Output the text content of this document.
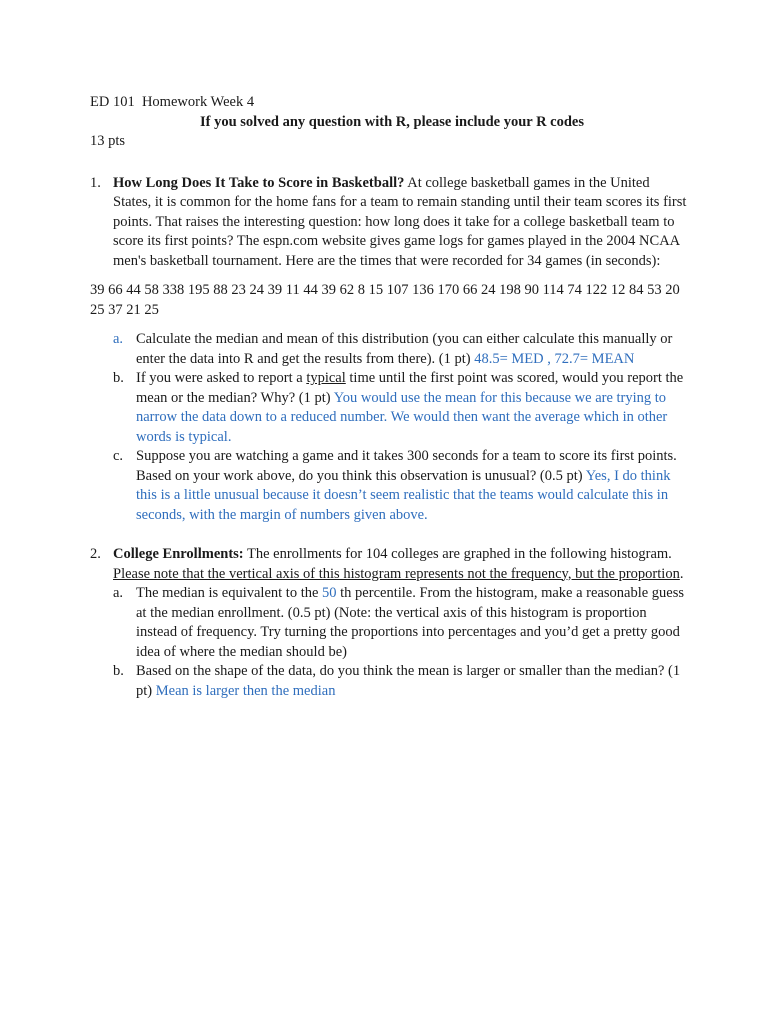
ED 101  Homework Week 4

If you solved any question with R, please include your R codes

13 pts

1. How Long Does It Take to Score in Basketball? At college basketball games in the United States, it is common for the home fans for a team to remain standing until their team scores its first points. That raises the interesting question: how long does it take for a college basketball team to score its first points? The espn.com website gives game logs for games played in the 2004 NCAA men's basketball tournament. Here are the times that were recorded for 34 games (in seconds):

39 66 44 58 338 195 88 23 24 39 11 44 39 62 8 15 107 136 170 66 24 198 90 114 74 122 12 84 53 20 25 37 21 25

a. Calculate the median and mean of this distribution (you can either calculate this manually or enter the data into R and get the results from there). (1 pt) 48.5= MED , 72.7= MEAN
b. If you were asked to report a typical time until the first point was scored, would you report the mean or the median? Why? (1 pt) You would use the mean for this because we are trying to narrow the data down to a reduced number. We would then want the average which in other words is typical.
c. Suppose you are watching a game and it takes 300 seconds for a team to score its first points. Based on your work above, do you think this observation is unusual? (0.5 pt) Yes, I do think this is a little unusual because it doesn’t seem realistic that the teams would calculate this in seconds, with the margin of numbers given above.
2. College Enrollments: The enrollments for 104 colleges are graphed in the following histogram. Please note that the vertical axis of this histogram represents not the frequency, but the proportion.
a. The median is equivalent to the 50 th percentile. From the histogram, make a reasonable guess at the median enrollment. (0.5 pt) (Note: the vertical axis of this histogram is proportion instead of frequency. Try turning the proportions into percentages and you’d get a pretty good idea of where the median should be)
b. Based on the shape of the data, do you think the mean is larger or smaller than the median? (1 pt) Mean is larger then the median
